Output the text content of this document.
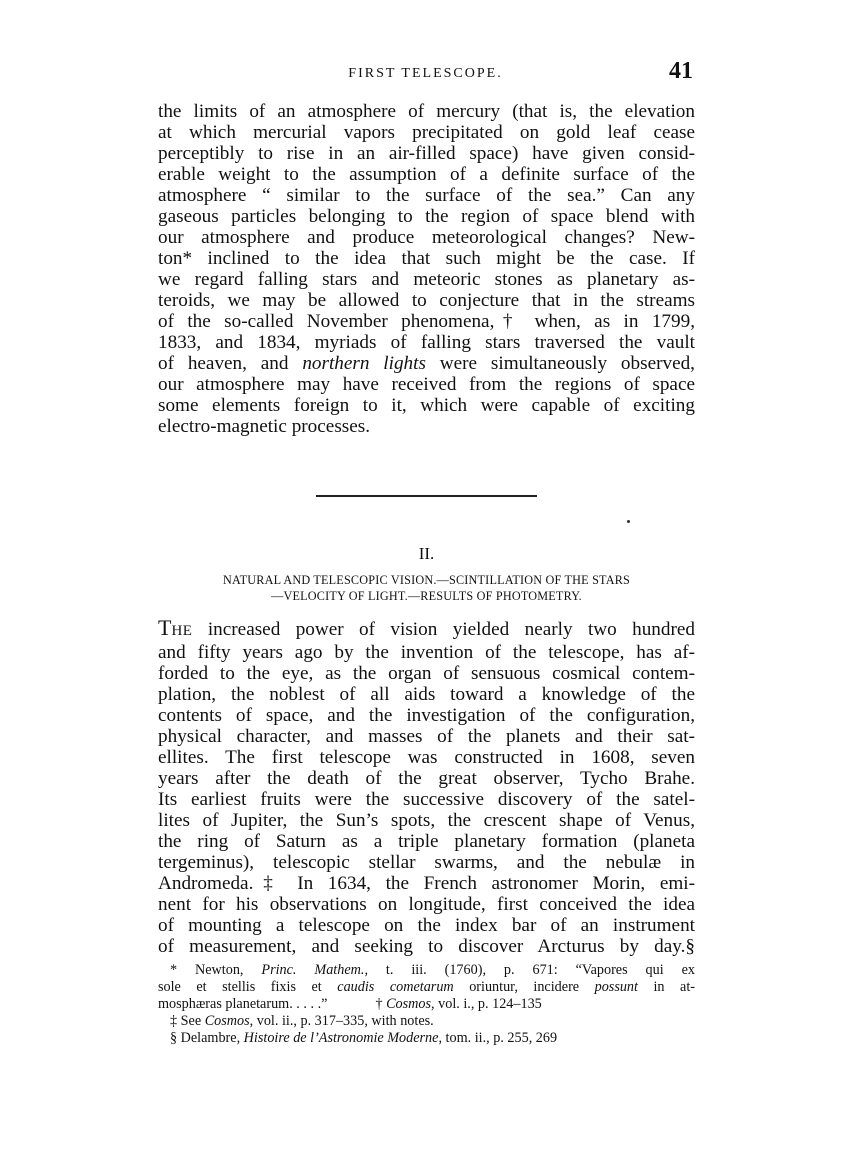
FIRST TELESCOPE.	41
the limits of an atmosphere of mercury (that is, the elevation
at which mercurial vapors precipitated on gold leaf cease
perceptibly to rise in an air-filled space) have given consid-
erable weight to the assumption of a definite surface of the
atmosphere “ similar to the surface of the sea.” Can any
gaseous particles belonging to the region of space blend with
our atmosphere and produce meteorological changes? New-
ton* inclined to the idea that such might be the case. If
we regard falling stars and meteoric stones as planetary as-
teroids, we may be allowed to conjecture that in the streams
of the so-called November phenomena,† when, as in 1799,
1833, and 1834, myriads of falling stars traversed the vault
of heaven, and northern lights were simultaneously observed,
our atmosphere may have received from the regions of space
some elements foreign to it, which were capable of exciting
electro-magnetic processes.
II.
NATURAL AND TELESCOPIC VISION.—SCINTILLATION OF THE STARS
—VELOCITY OF LIGHT.—RESULTS OF PHOTOMETRY.
THE increased power of vision yielded nearly two hundred
and fifty years ago by the invention of the telescope, has af-
forded to the eye, as the organ of sensuous cosmical contem-
plation, the noblest of all aids toward a knowledge of the
contents of space, and the investigation of the configuration,
physical character, and masses of the planets and their sat-
ellites. The first telescope was constructed in 1608, seven
years after the death of the great observer, Tycho Brahe.
Its earliest fruits were the successive discovery of the satel-
lites of Jupiter, the Sun’s spots, the crescent shape of Venus,
the ring of Saturn as a triple planetary formation (planeta
tergeminus), telescopic stellar swarms, and the nebulæ in
Andromeda.‡ In 1634, the French astronomer Morin, emi-
nent for his observations on longitude, first conceived the idea
of mounting a telescope on the index bar of an instrument
of measurement, and seeking to discover Arcturus by day.§
* Newton, Princ. Mathem., t. iii. (1760), p. 671: “Vapores qui ex
sole et stellis fixis et caudis cometarum oriuntur, incidere possunt in at-
mosphæras planetarum. . . . .”	† Cosmos, vol. i., p. 124–135
‡ See Cosmos, vol. ii., p. 317–335, with notes.
§ Delambre, Histoire de l’Astronomie Moderne, tom. ii., p. 255, 269
